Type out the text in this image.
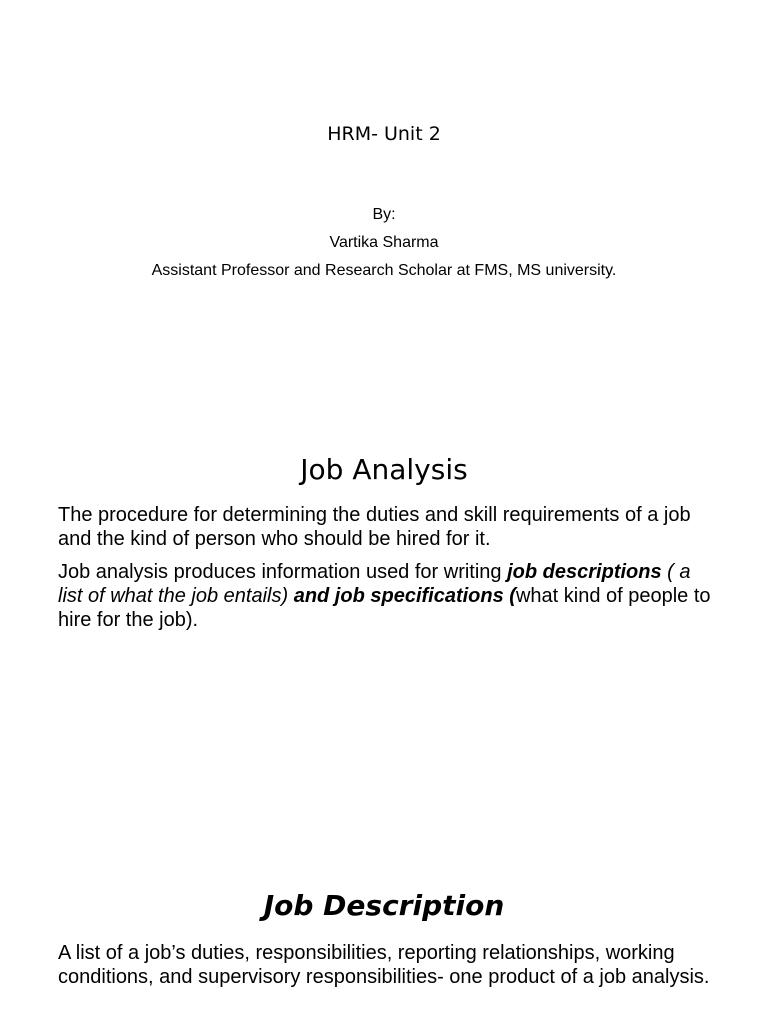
HRM- Unit 2
By:
Vartika Sharma
Assistant Professor and Research Scholar at FMS, MS university.
Job Analysis

The procedure for determining the duties and skill requirements of a job and the kind of person who should be hired for it.

Job analysis produces information used for writing job descriptions ( a list of what the job entails) and job specifications (what kind of people to hire for the job).

Job Description

A list of a job’s duties, responsibilities, reporting relationships, working conditions, and supervisory responsibilities- one product of a job analysis.
